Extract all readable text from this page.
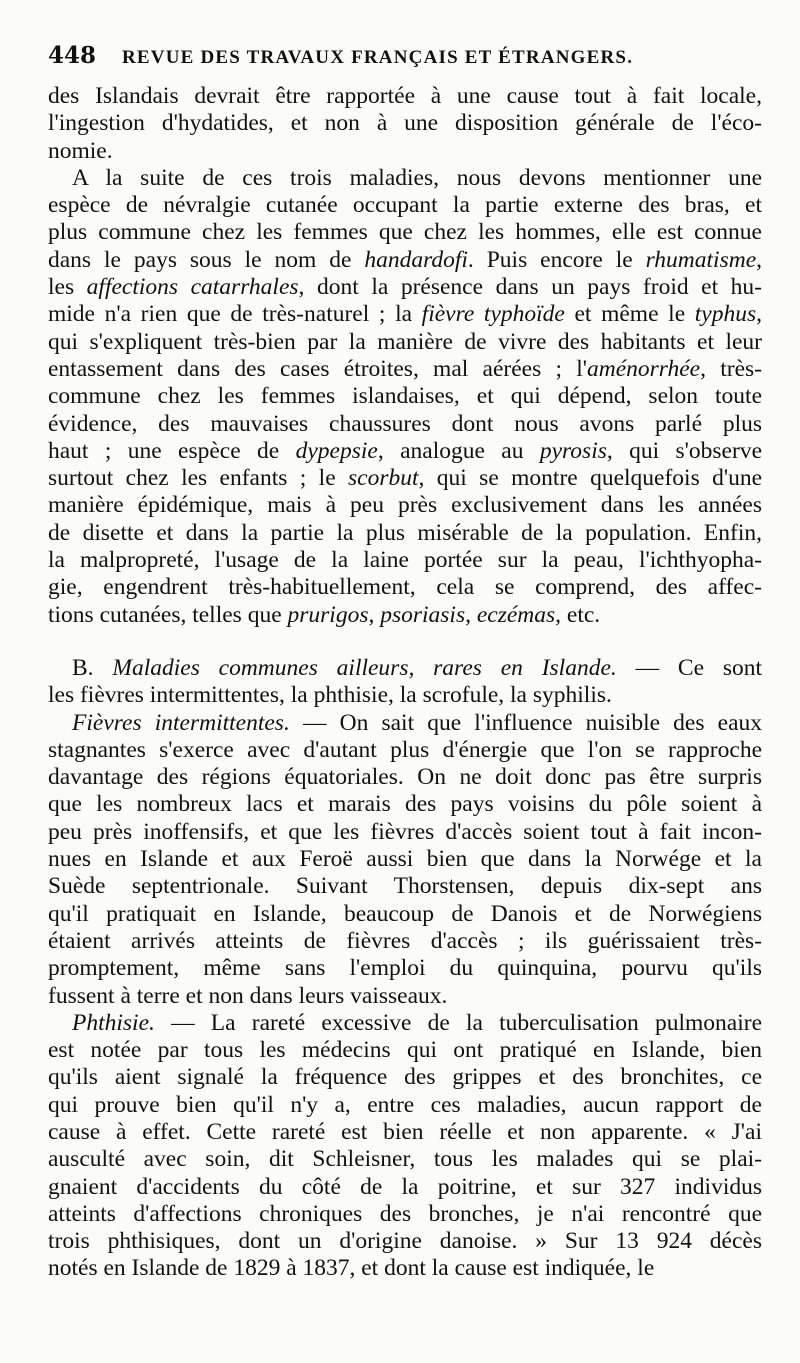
448	REVUE DES TRAVAUX FRANÇAIS ET ÉTRANGERS.
des Islandais devrait être rapportée à une cause tout à fait locale,
l'ingestion d'hydatides, et non à une disposition générale de l'éco-
nomie.
A la suite de ces trois maladies, nous devons mentionner une
espèce de névralgie cutanée occupant la partie externe des bras, et
plus commune chez les femmes que chez les hommes, elle est connue
dans le pays sous le nom de handardofi. Puis encore le rhumatisme,
les affections catarrhales, dont la présence dans un pays froid et hu-
mide n'a rien que de très-naturel ; la fièvre typhoïde et même le typhus,
qui s'expliquent très-bien par la manière de vivre des habitants et leur
entassement dans des cases étroites, mal aérées ; l'aménorrhée, très-
commune chez les femmes islandaises, et qui dépend, selon toute
évidence, des mauvaises chaussures dont nous avons parlé plus
haut ; une espèce de dypepsie, analogue au pyrosis, qui s'observe
surtout chez les enfants ; le scorbut, qui se montre quelquefois d'une
manière épidémique, mais à peu près exclusivement dans les années
de disette et dans la partie la plus misérable de la population. Enfin,
la malpropreté, l'usage de la laine portée sur la peau, l'ichthyopha-
gie, engendrent très-habituellement, cela se comprend, des affec-
tions cutanées, telles que prurigos, psoriasis, eczémas, etc.
B. Maladies communes ailleurs, rares en Islande. — Ce sont
les fièvres intermittentes, la phthisie, la scrofule, la syphilis.
Fièvres intermittentes. — On sait que l'influence nuisible des eaux
stagnantes s'exerce avec d'autant plus d'énergie que l'on se rapproche
davantage des régions équatoriales. On ne doit donc pas être surpris
que les nombreux lacs et marais des pays voisins du pôle soient à
peu près inoffensifs, et que les fièvres d'accès soient tout à fait incon-
nues en Islande et aux Feroë aussi bien que dans la Norwége et la
Suède septentrionale. Suivant Thorstensen, depuis dix-sept ans
qu'il pratiquait en Islande, beaucoup de Danois et de Norwégiens
étaient arrivés atteints de fièvres d'accès ; ils guérissaient très-
promptement, même sans l'emploi du quinquina, pourvu qu'ils
fussent à terre et non dans leurs vaisseaux.
Phthisie. — La rareté excessive de la tuberculisation pulmonaire
est notée par tous les médecins qui ont pratiqué en Islande, bien
qu'ils aient signalé la fréquence des grippes et des bronchites, ce
qui prouve bien qu'il n'y a, entre ces maladies, aucun rapport de
cause à effet. Cette rareté est bien réelle et non apparente. « J'ai
ausculté avec soin, dit Schleisner, tous les malades qui se plai-
gnaient d'accidents du côté de la poitrine, et sur 327 individus
atteints d'affections chroniques des bronches, je n'ai rencontré que
trois phthisiques, dont un d'origine danoise. » Sur 13 924 décès
notés en Islande de 1829 à 1837, et dont la cause est indiquée, le
